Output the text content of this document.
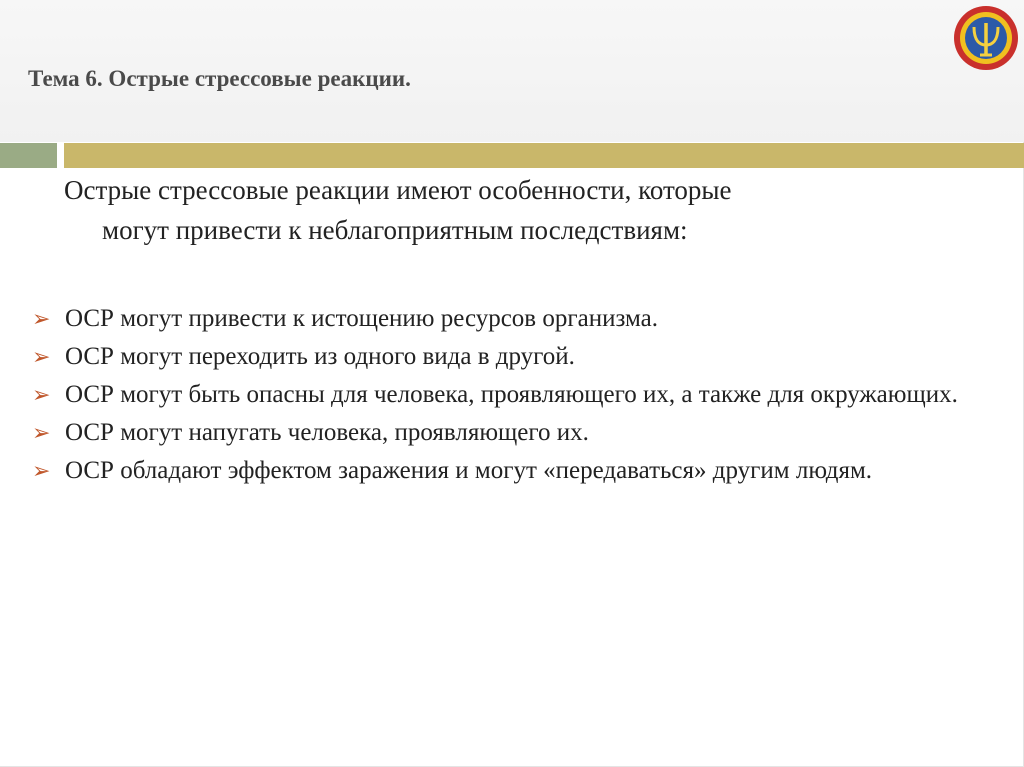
Тема 6. Острые стрессовые реакции.
Острые стрессовые реакции имеют особенности, которые
могут привести к неблагоприятным последствиям:
➢ ОСР могут привести к истощению ресурсов организма.
➢ ОСР могут переходить из одного вида в другой.
➢ ОСР могут быть опасны для человека, проявляющего их, а также для окружающих.
➢ ОСР могут напугать человека, проявляющего их.
➢ ОСР обладают эффектом заражения и могут «передаваться» другим людям.
